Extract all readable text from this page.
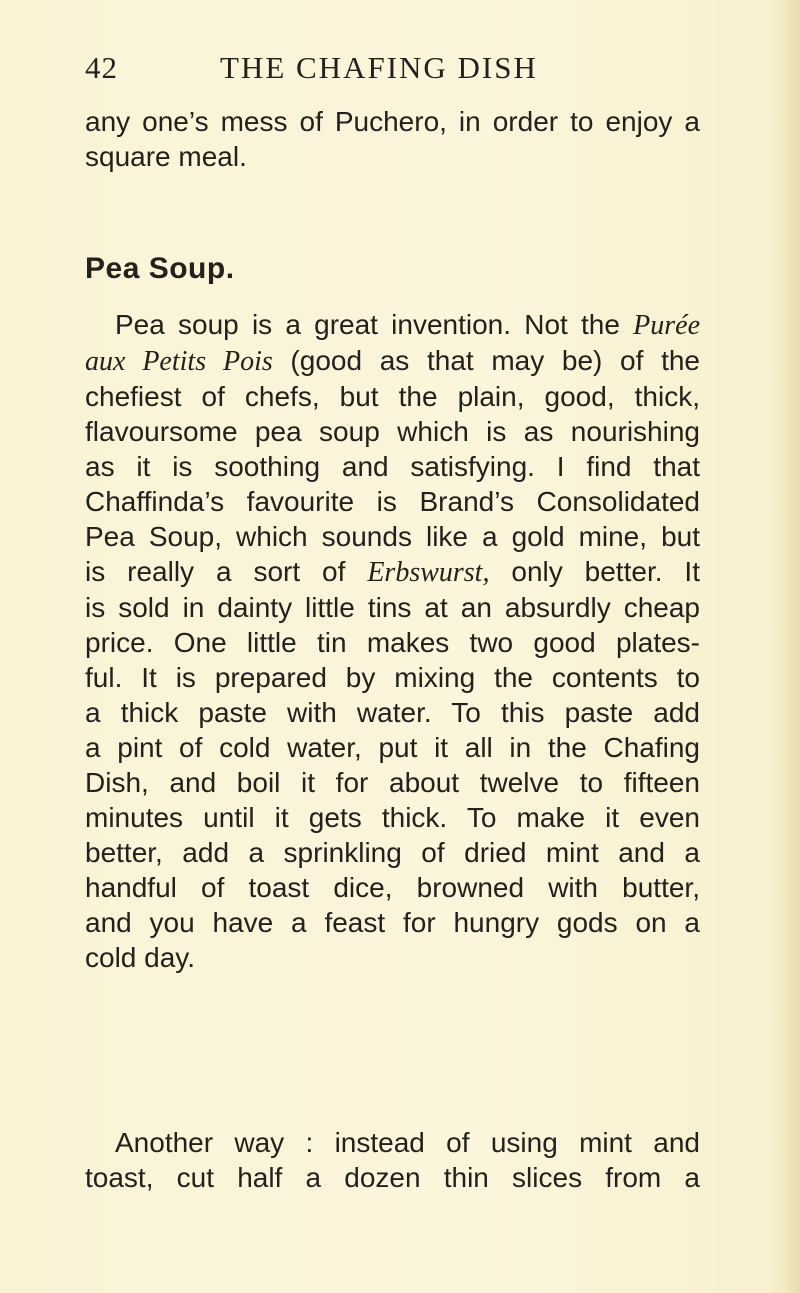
42	THE CHAFING DISH
any one’s mess of Puchero, in order to enjoy a
square meal.
Pea Soup.
Pea soup is a great invention. Not the Purée
aux Petits Pois (good as that may be) of the
chefiest of chefs, but the plain, good, thick,
flavoursome pea soup which is as nourishing
as it is soothing and satisfying. I find that
Chaffinda’s favourite is Brand’s Consolidated
Pea Soup, which sounds like a gold mine, but
is really a sort of Erbswurst, only better. It
is sold in dainty little tins at an absurdly cheap
price. One little tin makes two good plates-
ful. It is prepared by mixing the contents to
a thick paste with water. To this paste add
a pint of cold water, put it all in the Chafing
Dish, and boil it for about twelve to fifteen
minutes until it gets thick. To make it even
better, add a sprinkling of dried mint and a
handful of toast dice, browned with butter,
and you have a feast for hungry gods on a
cold day.
Another way : instead of using mint and
toast, cut half a dozen thin slices from a
